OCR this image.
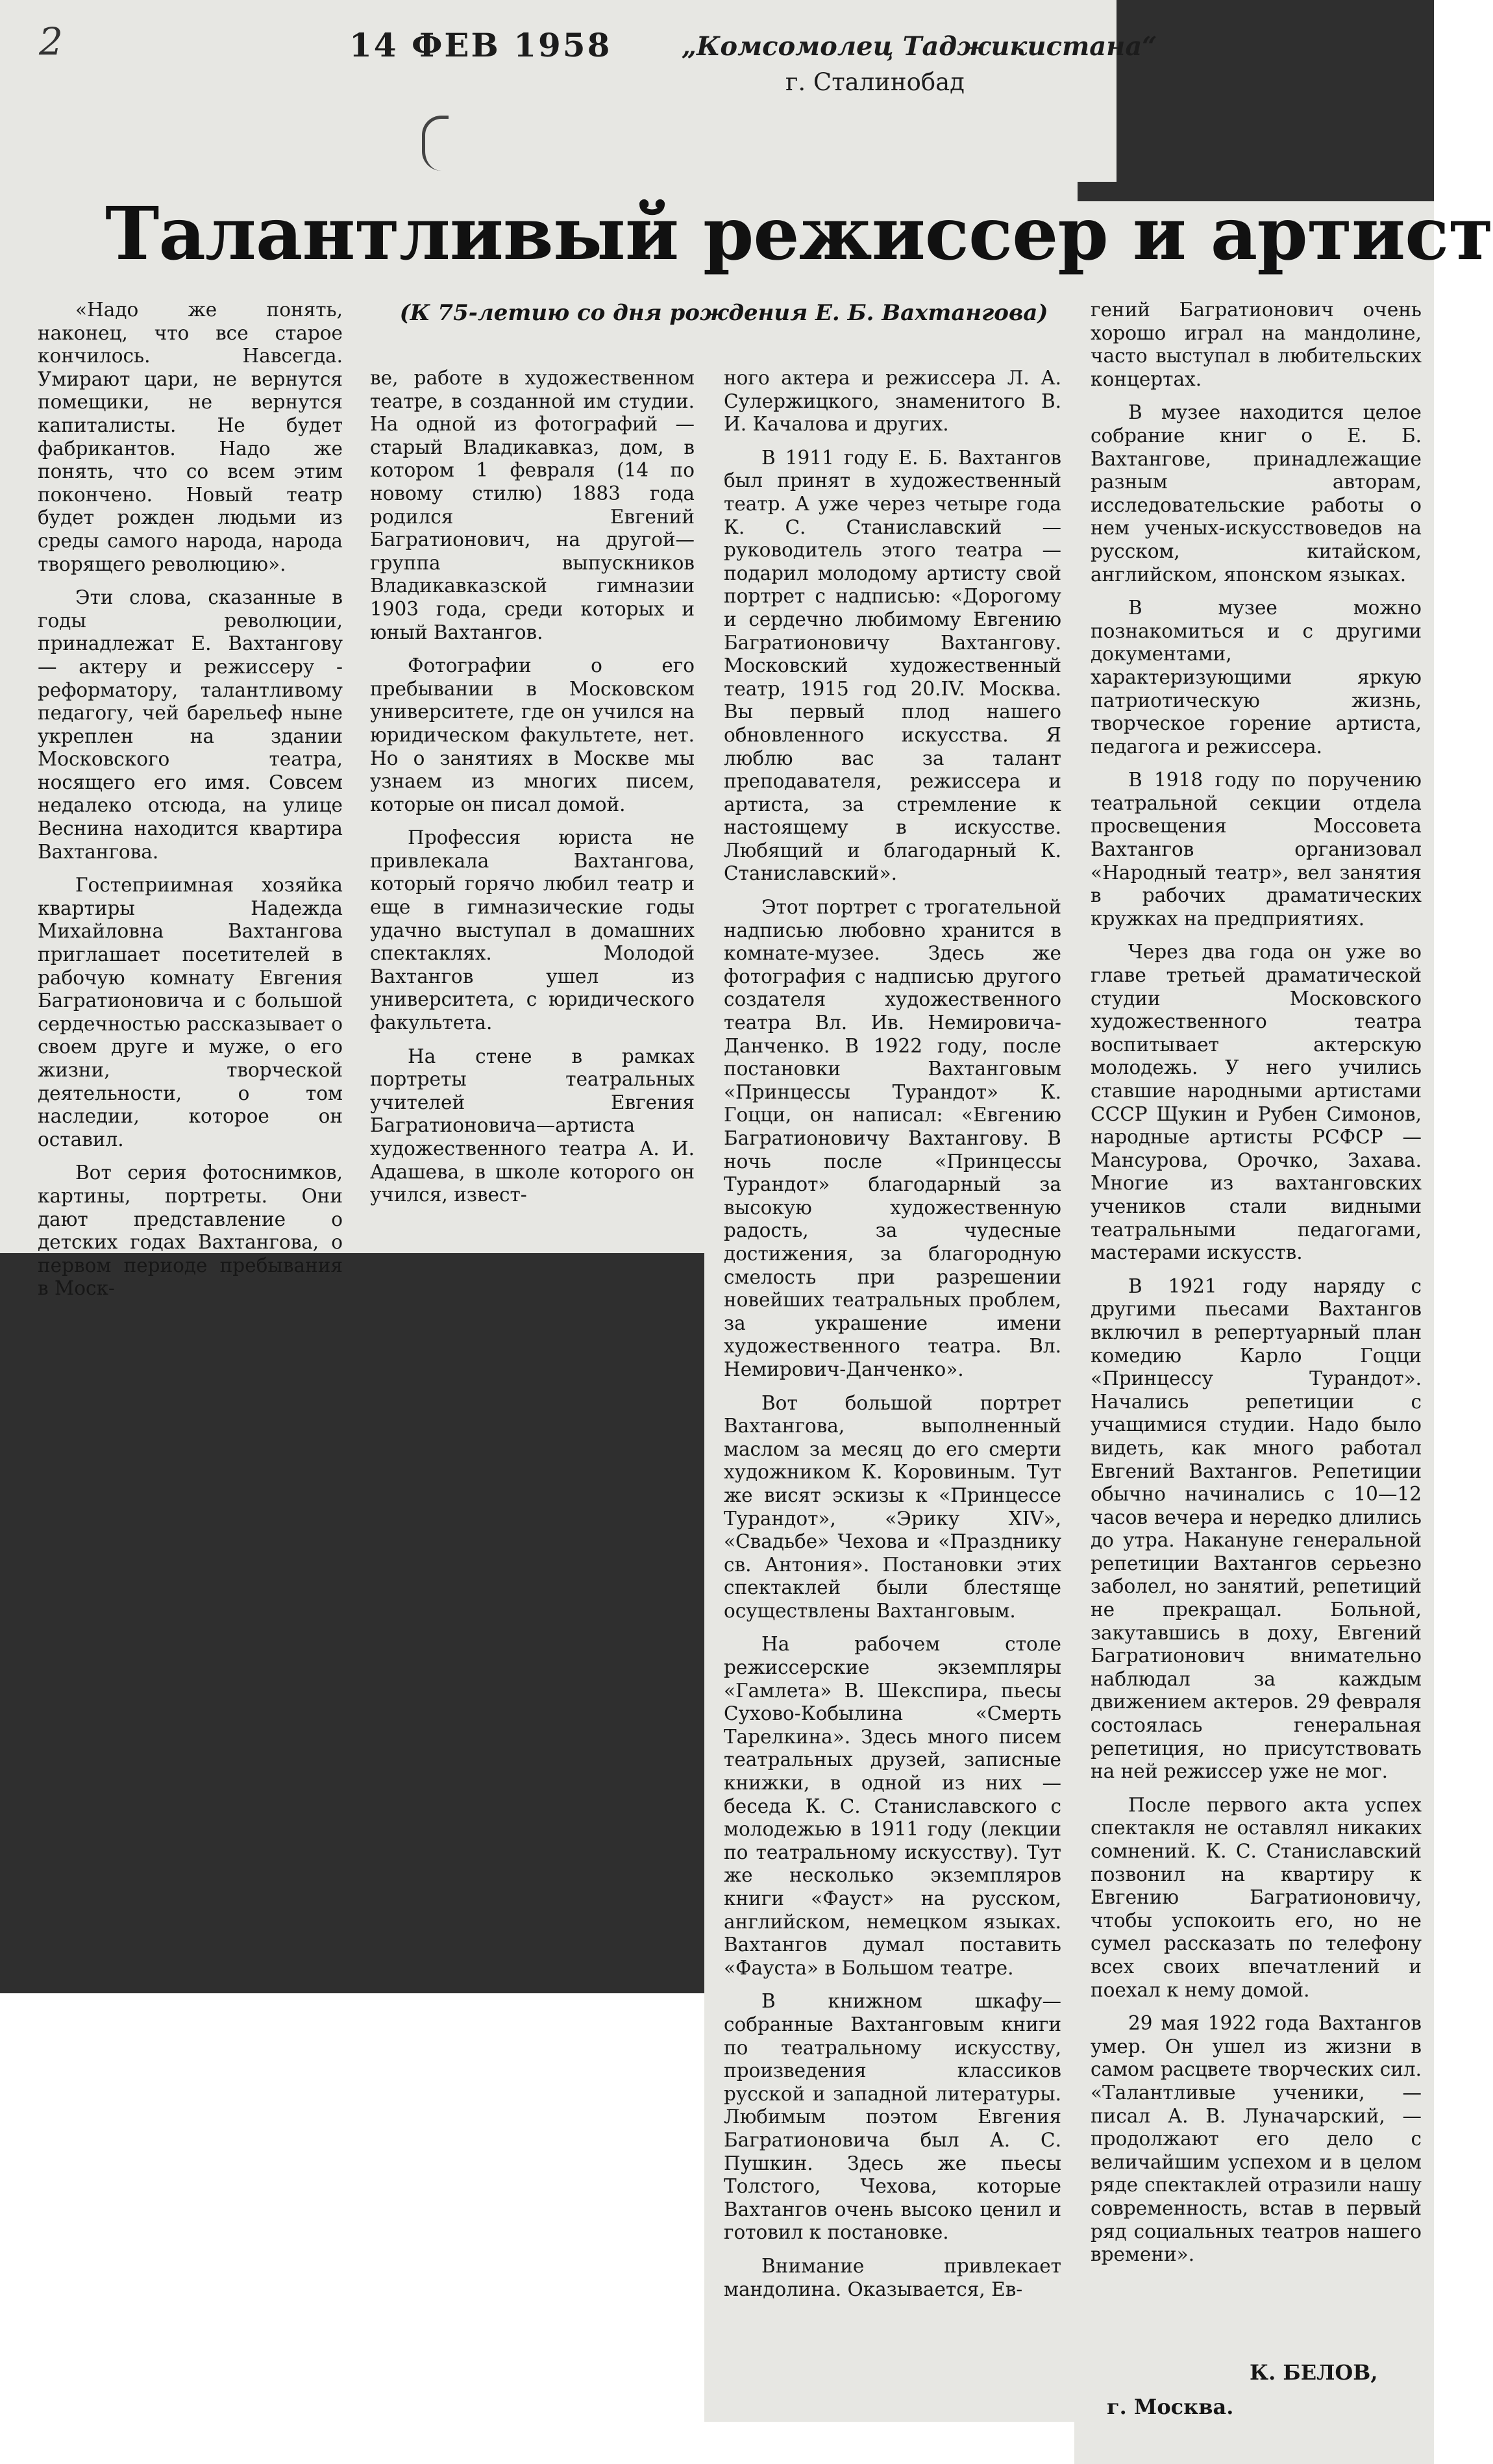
2	14 ФЕВ 1958	„Комсомолец Таджикистана“
г. Сталинобад
Талантливый режиссер и артист
(К 75-летию со дня рождения Е. Б. Вахтангова)

«Надо же понять, наконец, что все старое кончилось. Навсегда. Умирают цари, не вернутся помещики, не вернутся капиталисты. Не будет фабрикантов. Надо же понять, что со всем этим покончено. Новый театр будет рожден людьми из среды самого народа, народа творящего революцию».

Эти слова, сказанные в годы революции, принадлежат Е. Вахтангову — актеру и режиссеру - реформатору, талантливому педагогу, чей барельеф ныне укреплен на здании Московского театра, носящего его имя. Совсем недалеко отсюда, на улице Веснина находится квартира Вахтангова.

Гостеприимная хозяйка квартиры Надежда Михайловна Вахтангова приглашает посетителей в рабочую комнату Евгения Багратионовича и с большой сердечностью рассказывает о своем друге и муже, о его жизни, творческой деятельности, о том наследии, которое он оставил.

Вот серия фотоснимков, картины, портреты. Они дают представление о детских годах Вахтангова, о первом периоде пребывания в Моск-

ве, работе в художественном театре, в созданной им студии. На одной из фотографий — старый Владикавказ, дом, в котором 1 февраля (14 по новому стилю) 1883 года родился Евгений Багратионович, на другой—группа выпускников Владикавказской гимназии 1903 года, среди которых и юный Вахтангов.

Фотографии о его пребывании в Московском университете, где он учился на юридическом факультете, нет. Но о занятиях в Москве мы узнаем из многих писем, которые он писал домой.

Профессия юриста не привлекала Вахтангова, который горячо любил театр и еще в гимназические годы удачно выступал в домашних спектаклях. Молодой Вахтангов ушел из университета, с юридического факультета.

На стене в рамках портреты театральных учителей Евгения Багратионовича—артиста художественного театра А. И. Адашева, в школе которого он учился, извест-

ного актера и режиссера Л. А. Сулержицкого, знаменитого В. И. Качалова и других.

В 1911 году Е. Б. Вахтангов был принят в художественный театр. А уже через четыре года К. С. Станиславский — руководитель этого театра — подарил молодому артисту свой портрет с надписью: «Дорогому и сердечно любимому Евгению Багратионовичу Вахтангову. Московский художественный театр, 1915 год 20.IV. Москва. Вы первый плод нашего обновленного искусства. Я люблю вас за талант преподавателя, режиссера и артиста, за стремление к настоящему в искусстве. Любящий и благодарный К. Станиславский».

Этот портрет с трогательной надписью любовно хранится в комнате-музее. Здесь же фотография с надписью другого создателя художественного театра Вл. Ив. Немировича-Данченко. В 1922 году, после постановки Вахтанговым «Принцессы Турандот» К. Гоцци, он написал: «Евгению Багратионовичу Вахтангову. В ночь после «Принцессы Турандот» благодарный за высокую художественную радость, за чудесные достижения, за благородную смелость при разрешении новейших театральных проблем, за украшение имени художественного театра. Вл. Немирович-Данченко».

Вот большой портрет Вахтангова, выполненный маслом за месяц до его смерти художником К. Коровиным. Тут же висят эскизы к «Принцессе Турандот», «Эрику XIV», «Свадьбе» Чехова и «Празднику св. Антония». Постановки этих спектаклей были блестяще осуществлены Вахтанговым.

На рабочем столе режиссерские экземпляры «Гамлета» В. Шекспира, пьесы Сухово-Кобылина «Смерть Тарелкина». Здесь много писем театральных друзей, записные книжки, в одной из них — беседа К. С. Станиславского с молодежью в 1911 году (лекции по театральному искусству). Тут же несколько экземпляров книги «Фауст» на русском, английском, немецком языках. Вахтангов думал поставить «Фауста» в Большом театре.

В книжном шкафу—собранные Вахтанговым книги по театральному искусству, произведения классиков русской и западной литературы. Любимым поэтом Евгения Багратионовича был А. С. Пушкин. Здесь же пьесы Толстого, Чехова, которые Вахтангов очень высоко ценил и готовил к постановке.

Внимание привлекает мандолина. Оказывается, Ев-

гений Багратионович очень хорошо играл на мандолине, часто выступал в любительских концертах.

В музее находится целое собрание книг о Е. Б. Вахтангове, принадлежащие разным авторам, исследовательские работы о нем ученых-искусствоведов на русском, китайском, английском, японском языках.

В музее можно познакомиться и с другими документами, характеризующими яркую патриотическую жизнь, творческое горение артиста, педагога и режиссера.

В 1918 году по поручению театральной секции отдела просвещения Моссовета Вахтангов организовал «Народный театр», вел занятия в рабочих драматических кружках на предприятиях.

Через два года он уже во главе третьей драматической студии Московского художественного театра воспитывает актерскую молодежь. У него учились ставшие народными артистами СССР Щукин и Рубен Симонов, народные артисты РСФСР — Мансурова, Орочко, Захава. Многие из вахтанговских учеников стали видными театральными педагогами, мастерами искусств.

В 1921 году наряду с другими пьесами Вахтангов включил в репертуарный план комедию Карло Гоцци «Принцессу Турандот». Начались репетиции с учащимися студии. Надо было видеть, как много работал Евгений Вахтангов. Репетиции обычно начинались с 10—12 часов вечера и нередко длились до утра. Накануне генеральной репетиции Вахтангов серьезно заболел, но занятий, репетиций не прекращал. Больной, закутавшись в доху, Евгений Багратионович внимательно наблюдал за каждым движением актеров. 29 февраля состоялась генеральная репетиция, но присутствовать на ней режиссер уже не мог.

После первого акта успех спектакля не оставлял никаких сомнений. К. С. Станиславский позвонил на квартиру к Евгению Багратионовичу, чтобы успокоить его, но не сумел рассказать по телефону всех своих впечатлений и поехал к нему домой.

29 мая 1922 года Вахтангов умер. Он ушел из жизни в самом расцвете творческих сил. «Талантливые ученики, — писал А. В. Луначарский, — продолжают его дело с величайшим успехом и в целом ряде спектаклей отразили нашу современность, встав в первый ряд социальных театров нашего времени».

К. БЕЛОВ,
г. Москва.
